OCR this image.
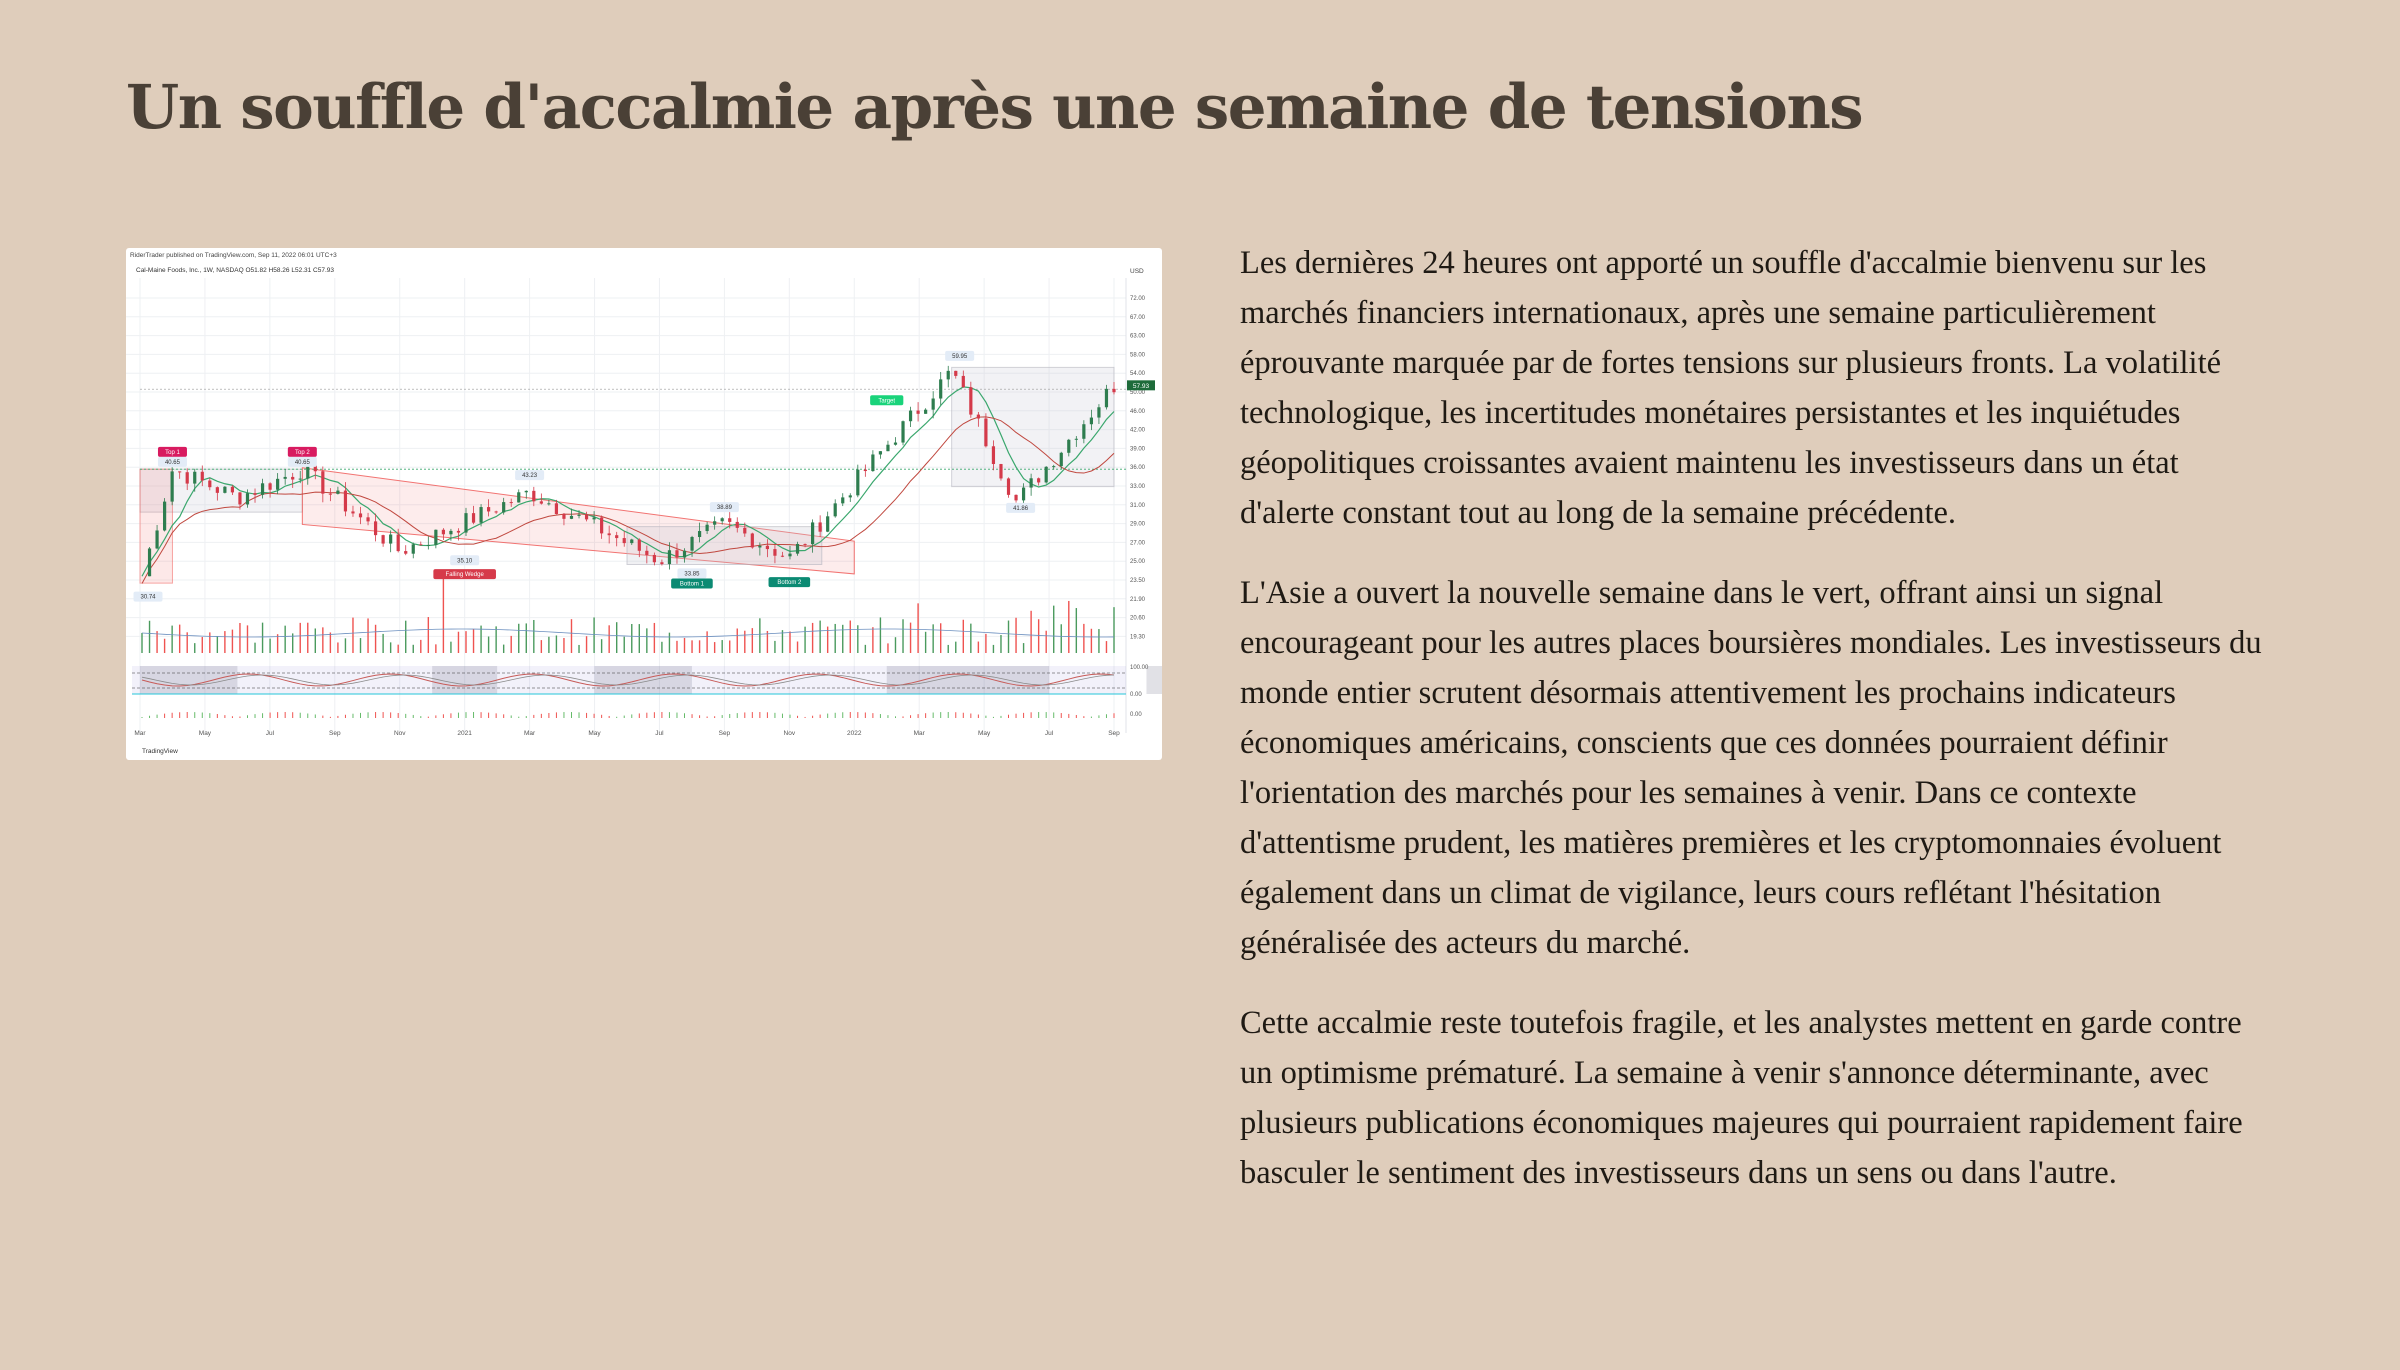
Un souffle d'accalmie après une semaine de tensions
Mar	May	Jul	Sep	Nov	2021	Mar	May	Jul	Sep	Nov	2022	Mar	May	Jul	Sep
72.00
67.00
63.00
58.00
54.00
50.00
46.00
42.00
39.00
36.00
33.00
31.00
29.00
27.00
25.00
23.50
21.90
20.60
19.30
100.00
0.00
0.00
Top 1
40.65
Top 2
40.65
43.23
38.89
35.10
Falling Wedge	33.85
Bottom 1	Bottom 2
30.74
59.95
41.86
Target
57.93
RiderTrader published on TradingView.com, Sep 11, 2022 06:01 UTC+3
Cal-Maine Foods, Inc., 1W, NASDAQ O51.82 H58.26 L52.31 C57.93	USD
TradingView

Les dernières 24 heures ont apporté un souffle d'accalmie bienvenu sur les marchés financiers internationaux, après une semaine particulièrement éprouvante marquée par de fortes tensions sur plusieurs fronts. La volatilité technologique, les incertitudes monétaires persistantes et les inquiétudes géopolitiques croissantes avaient maintenu les investisseurs dans un état d'alerte constant tout au long de la semaine précédente.

L'Asie a ouvert la nouvelle semaine dans le vert, offrant ainsi un signal encourageant pour les autres places boursières mondiales. Les investisseurs du monde entier scrutent désormais attentivement les prochains indicateurs économiques américains, conscients que ces données pourraient définir l'orientation des marchés pour les semaines à venir. Dans ce contexte d'attentisme prudent, les matières premières et les cryptomonnaies évoluent également dans un climat de vigilance, leurs cours reflétant l'hésitation généralisée des acteurs du marché.

Cette accalmie reste toutefois fragile, et les analystes mettent en garde contre un optimisme prématuré. La semaine à venir s'annonce déterminante, avec plusieurs publications économiques majeures qui pourraient rapidement faire basculer le sentiment des investisseurs dans un sens ou dans l'autre.
